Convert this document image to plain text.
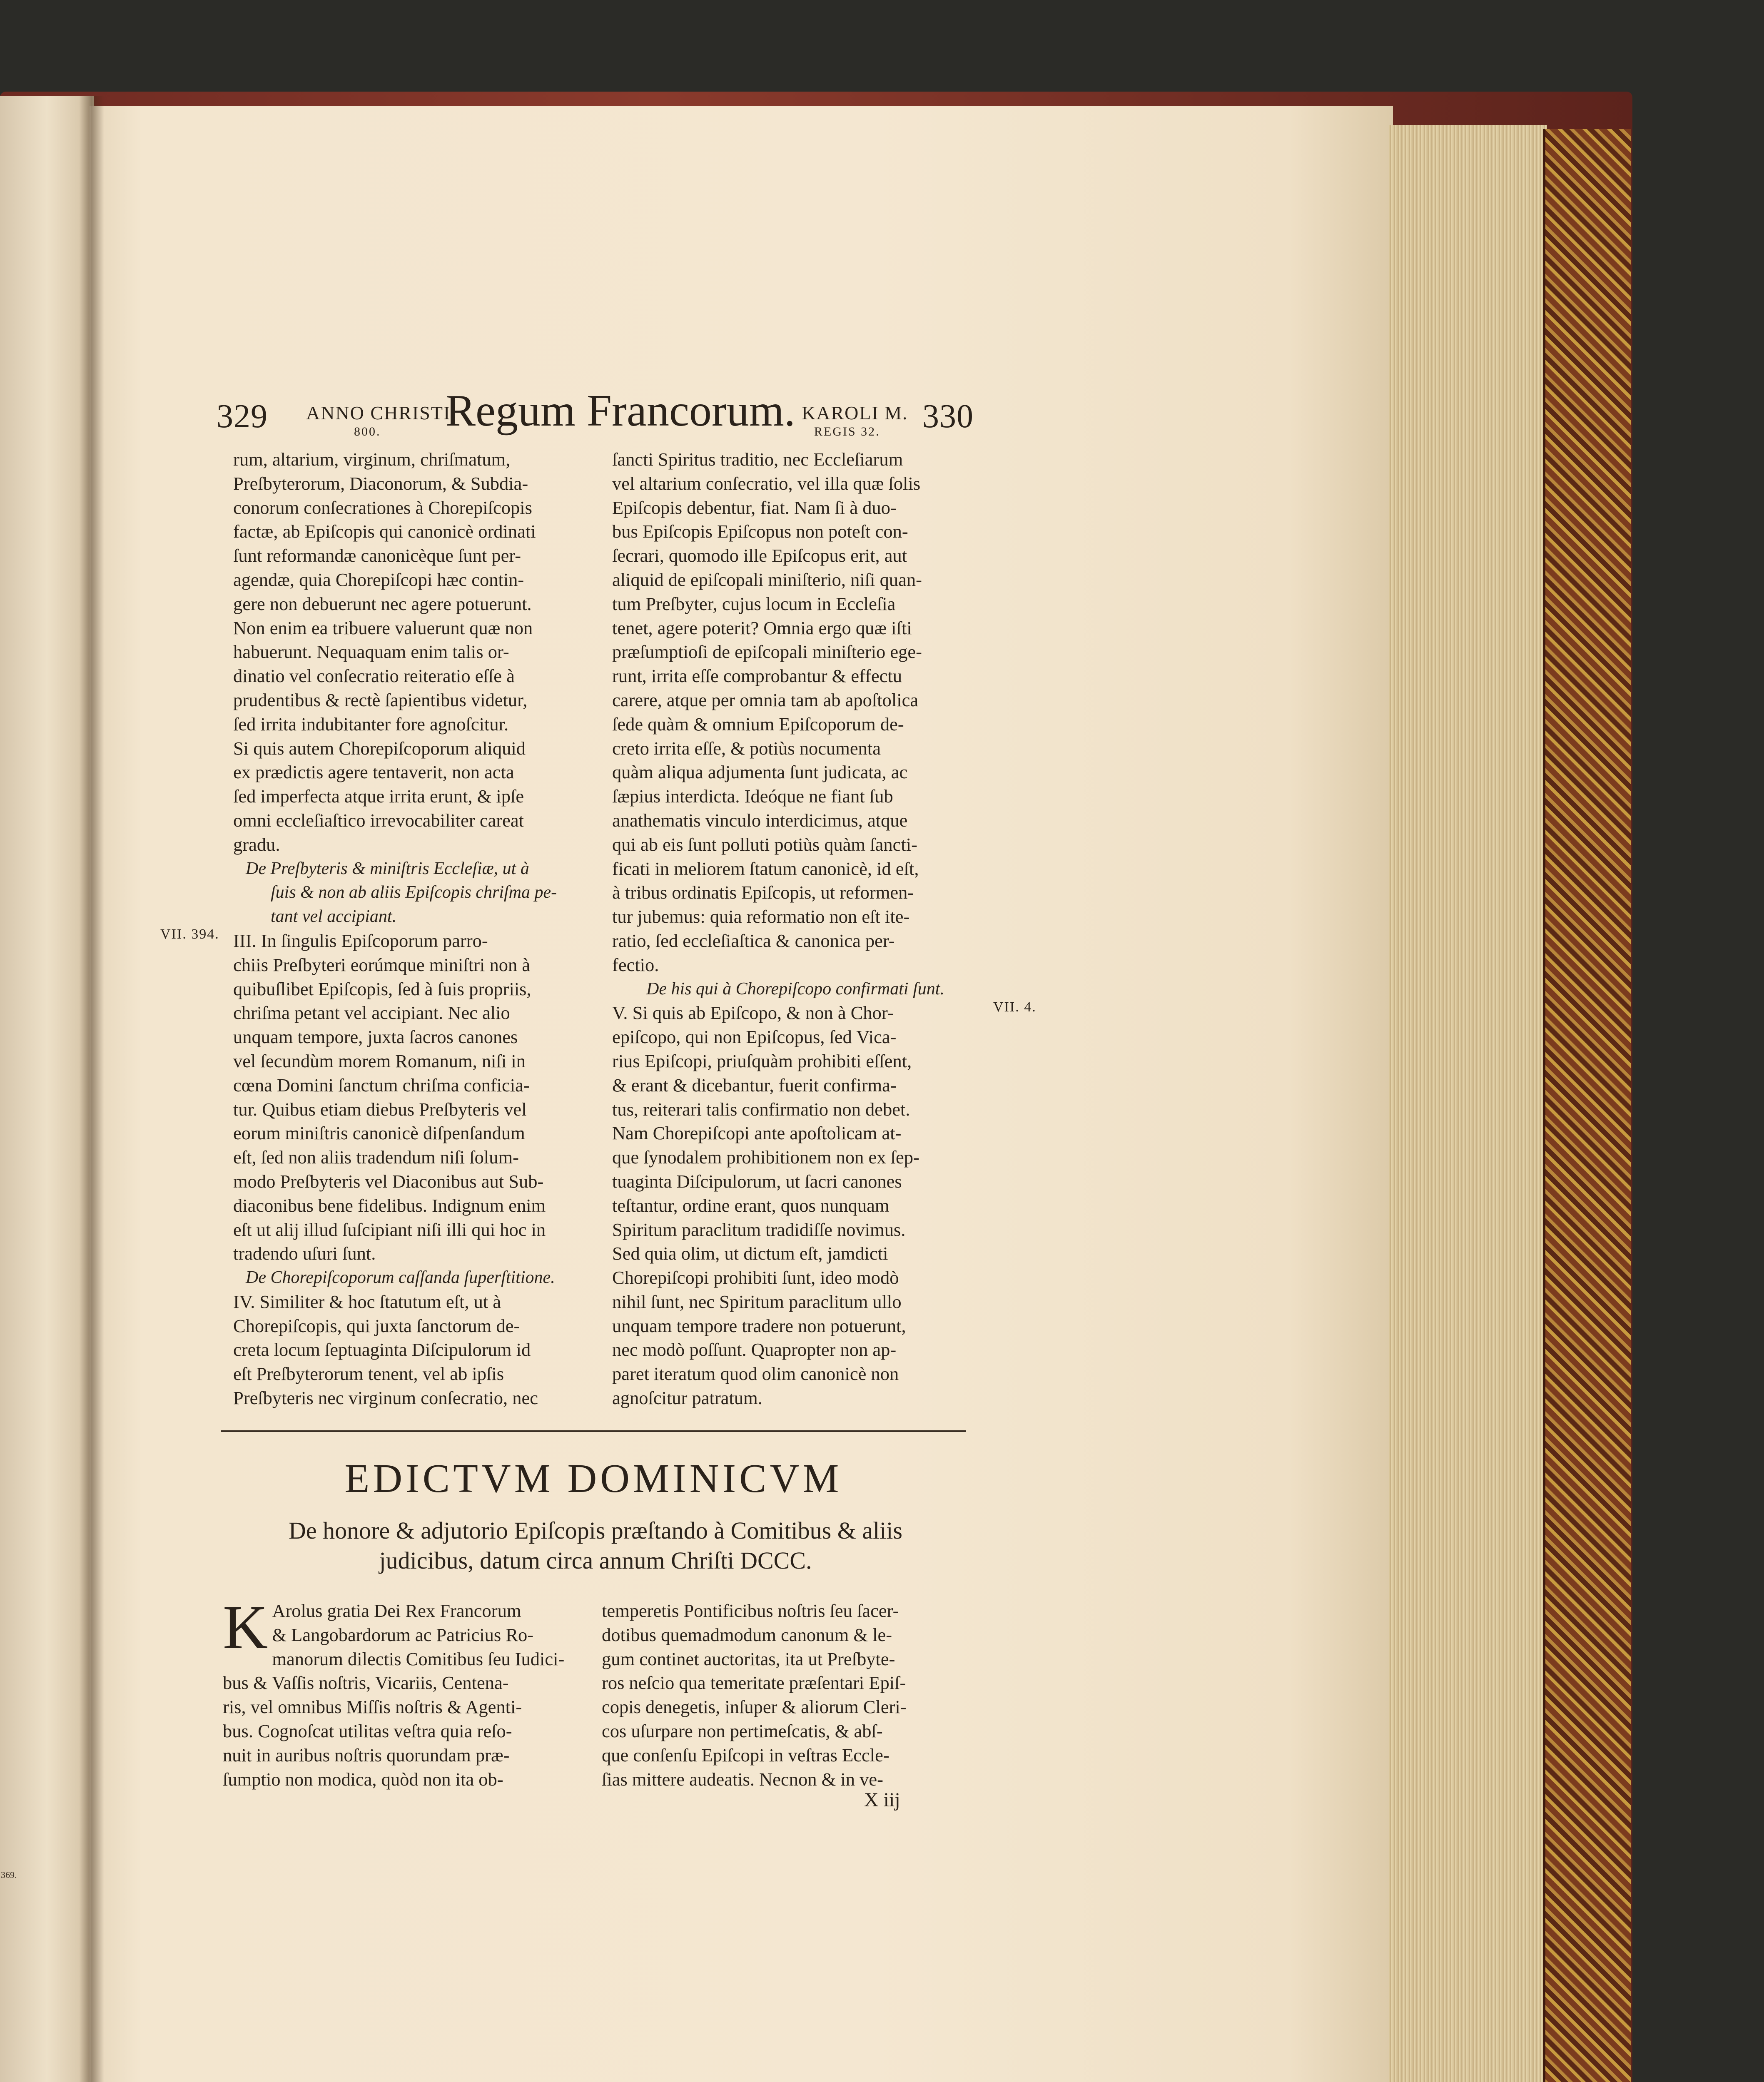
369.
329 ANNO CHRISTI
800. Regum Francorum. KAROLI M.
REGIS 32. 330

rum, altarium, virginum, chriſmatum,

Preſbyterorum, Diaconorum, & Subdia-

conorum conſecrationes à Chorepiſcopis

factæ, ab Epiſcopis qui canonicè ordinati

ſunt reformandæ canonicèque ſunt per-

agendæ, quia Chorepiſcopi hæc contin-

gere non debuerunt nec agere potuerunt.

Non enim ea tribuere valuerunt quæ non

habuerunt. Nequaquam enim talis or-

dinatio vel conſecratio reiteratio eſſe à

prudentibus & rectè ſapientibus videtur,

ſed irrita indubitanter fore agnoſcitur.

Si quis autem Chorepiſcoporum aliquid

ex prædictis agere tentaverit, non acta

ſed imperfecta atque irrita erunt, & ipſe

omni eccleſiaſtico irrevocabiliter careat

gradu.

De Preſbyteris & miniſtris Eccleſiæ, ut à

ſuis & non ab aliis Epiſcopis chriſma pe-

tant vel accipiant.

III. In ſingulis Epiſcoporum parro-

chiis Preſbyteri eorúmque miniſtri non à

quibuſlibet Epiſcopis, ſed à ſuis propriis,

chriſma petant vel accipiant. Nec alio

unquam tempore, juxta ſacros canones

vel ſecundùm morem Romanum, niſi in

cœna Domini ſanctum chriſma conficia-

tur. Quibus etiam diebus Preſbyteris vel

eorum miniſtris canonicè diſpenſandum

eſt, ſed non aliis tradendum niſi ſolum-

modo Preſbyteris vel Diaconibus aut Sub-

diaconibus bene fidelibus. Indignum enim

eſt ut alij illud ſuſcipiant niſi illi qui hoc in

tradendo uſuri ſunt.

De Chorepiſcoporum caſſanda ſuperſtitione.

IV. Similiter & hoc ſtatutum eſt, ut à

Chorepiſcopis, qui juxta ſanctorum de-

creta locum ſeptuaginta Diſcipulorum id

eſt Preſbyterorum tenent, vel ab ipſis

Preſbyteris nec virginum conſecratio, nec

VII. 394.

ſancti Spiritus traditio, nec Eccleſiarum

vel altarium conſecratio, vel illa quæ ſolis

Epiſcopis debentur, fiat. Nam ſi à duo-

bus Epiſcopis Epiſcopus non poteſt con-

ſecrari, quomodo ille Epiſcopus erit, aut

aliquid de epiſcopali miniſterio, niſi quan-

tum Preſbyter, cujus locum in Eccleſia

tenet, agere poterit? Omnia ergo quæ iſti

præſumptioſi de epiſcopali miniſterio ege-

runt, irrita eſſe comprobantur & effectu

carere, atque per omnia tam ab apoſtolica

ſede quàm & omnium Epiſcoporum de-

creto irrita eſſe, & potiùs nocumenta

quàm aliqua adjumenta ſunt judicata, ac

ſæpius interdicta. Ideóque ne fiant ſub

anathematis vinculo interdicimus, atque

qui ab eis ſunt polluti potiùs quàm ſancti-

ficati in meliorem ſtatum canonicè, id eſt,

à tribus ordinatis Epiſcopis, ut reformen-

tur jubemus: quia reformatio non eſt ite-

ratio, ſed eccleſiaſtica & canonica per-

fectio.

De his qui à Chorepiſcopo confirmati ſunt.

V. Si quis ab Epiſcopo, & non à Chor-

epiſcopo, qui non Epiſcopus, ſed Vica-

rius Epiſcopi, priuſquàm prohibiti eſſent,

& erant & dicebantur, fuerit confirma-

tus, reiterari talis confirmatio non debet.

Nam Chorepiſcopi ante apoſtolicam at-

que ſynodalem prohibitionem non ex ſep-

tuaginta Diſcipulorum, ut ſacri canones

teſtantur, ordine erant, quos nunquam

Spiritum paraclitum tradidiſſe novimus.

Sed quia olim, ut dictum eſt, jamdicti

Chorepiſcopi prohibiti ſunt, ideo modò

nihil ſunt, nec Spiritum paraclitum ullo

unquam tempore tradere non potuerunt,

nec modò poſſunt. Quapropter non ap-

paret iteratum quod olim canonicè non

agnoſcitur patratum.

VII. 4.
EDICTVM DOMINICVM
De honore & adjutorio Epiſcopis præſtando à Comitibus & aliis
judicibus, datum circa annum Chriſti DCCC.
K Arolus gratia Dei Rex Francorum
& Langobardorum ac Patricius Ro-
manorum dilectis Comitibus ſeu Iudici-
bus & Vaſſis noſtris, Vicariis, Centena-
ris, vel omnibus Miſſis noſtris & Agenti-
bus. Cognoſcat utilitas veſtra quia reſo-
nuit in auribus noſtris quorundam præ-
ſumptio non modica, quòd non ita ob-
temperetis Pontificibus noſtris ſeu ſacer-
dotibus quemadmodum canonum & le-
gum continet auctoritas, ita ut Preſbyte-
ros neſcio qua temeritate præſentari Epiſ-
copis denegetis, inſuper & aliorum Cleri-
cos uſurpare non pertimeſcatis, & abſ-
que conſenſu Epiſcopi in veſtras Eccle-
ſias mittere audeatis. Necnon & in ve-
X iij
